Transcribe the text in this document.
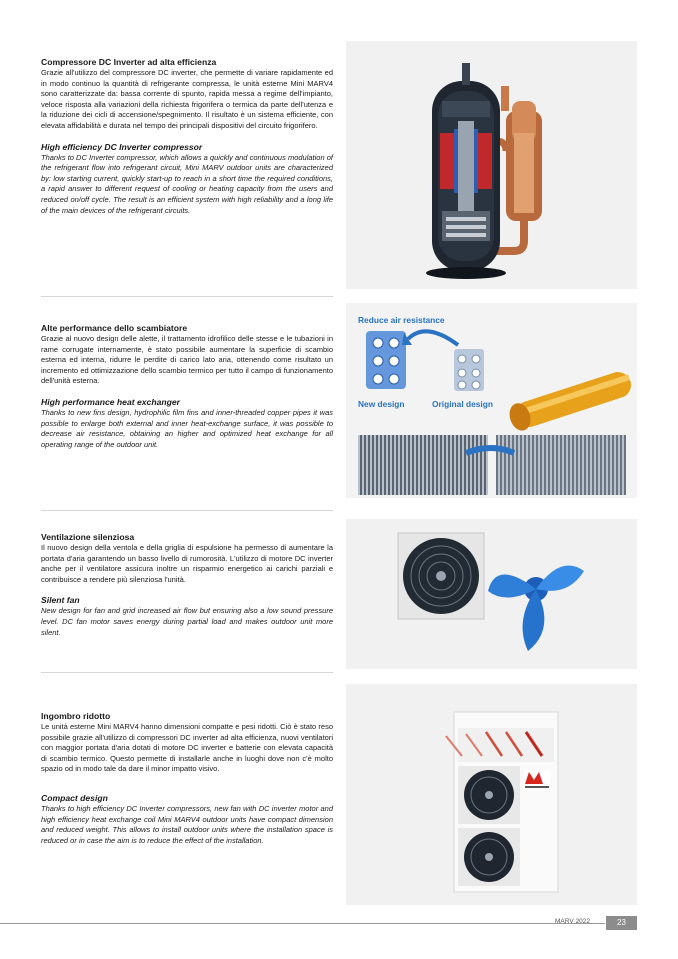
Compressore DC Inverter ad alta efficienza

Grazie all'utilizzo del compressore DC inverter, che permette di variare rapidamente ed in modo continuo la quantità di refrigerante compressa, le unità esterne Mini MARV4 sono caratterizzate da: bassa corrente di spunto, rapida messa a regime dell'impianto, veloce risposta alla variazioni della richiesta frigorifera o termica da parte dell'utenza e la riduzione dei cicli di accensione/spegnimento. Il risultato è un sistema efficiente, con elevata affidabilità e durata nel tempo dei principali dispositivi del circuito frigorifero.

High efficiency DC Inverter compressor

Thanks to DC Inverter compressor, which allows a quickly and continuous modulation of the refrigerant flow into refrigerant circuit, Mini MARV outdoor units are characterized by: low starting current, quickly start-up to reach in a short time the required conditions, a rapid answer to different request of cooling or heating capacity from the users and reduced on/off cycle. The result is an efficient system with high reliability and a long life of the main devices of the refrigerant circuits.

Alte performance dello scambiatore

Grazie al nuovo design delle alette, il trattamento idrofilico delle stesse e le tubazioni in rame corrugate internamente, è stato possibile aumentare la superficie di scambio esterna ed interna, ridurre le perdite di carico lato aria, ottenendo come risultato un incremento ed ottimizzazione dello scambio termico per tutto il campo di funzionamento dell'unità esterna.

High performance heat exchanger

Thanks to new fins design, hydrophilic film fins and inner-threaded copper pipes it was possible to enlarge both external and inner heat-exchange surface, it was possible to decrease air resistance, obtaining an higher and optimized heat exchange for all operating range of the outdoor unit.

Ventilazione silenziosa

Il nuovo design della ventola e della griglia di espulsione ha permesso di aumentare la portata d'aria garantendo un basso livello di rumorosità. L'utilizzo di motore DC inverter anche per il ventilatore assicura inoltre un risparmio energetico ai carichi parziali e contribuisce a rendere più silenziosa l'unità.

Silent fan

New design for fan and grid increased air flow but ensuring also a low sound pressure level. DC fan motor saves energy during partial load and makes outdoor unit more silent.

Ingombro ridotto

Le unità esterne Mini MARV4 hanno dimensioni compatte e pesi ridotti. Ciò è stato reso possibile grazie all'utilizzo di compressori DC inverter ad alta efficienza, nuovi ventilatori con maggior portata d'aria dotati di motore DC inverter e batterie con elevata capacità di scambio termico. Questo permette di installarle anche in luoghi dove non c'è molto spazio od in modo tale da dare il minor impatto visivo.

Compact design

Thanks to high efficiency DC Inverter compressors, new fan with DC inverter motor and high efficiency heat exchange coil Mini MARV4 outdoor units have compact dimension and reduced weight. This allows to install outdoor units where the installation space is reduced or in case the aim is to reduce the effect of the installation.

Reduce air resistance
New design	Original design
MARV 2022	23
